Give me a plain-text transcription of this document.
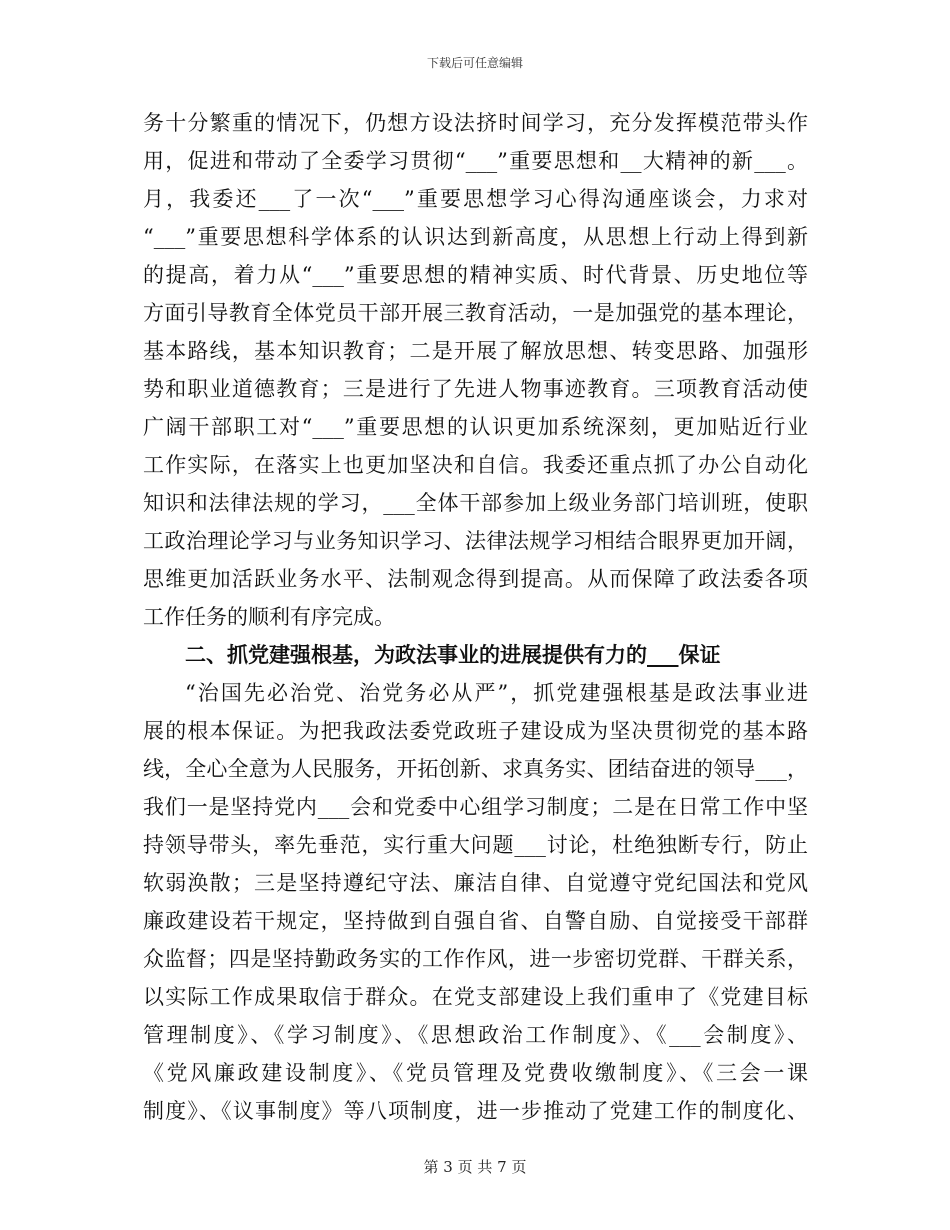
下载后可任意编辑
务十分繁重的情况下，仍想方设法挤时间学习，充分发挥模范带头作
用，促进和带动了全委学习贯彻“___”重要思想和__大精神的新___。
月，我委还___了一次“___”重要思想学习心得沟通座谈会，力求对
“___”重要思想科学体系的认识达到新高度，从思想上行动上得到新
的提高，着力从“___”重要思想的精神实质、时代背景、历史地位等
方面引导教育全体党员干部开展三教育活动，一是加强党的基本理论，
基本路线，基本知识教育；二是开展了解放思想、转变思路、加强形
势和职业道德教育；三是进行了先进人物事迹教育。三项教育活动使
广阔干部职工对“___”重要思想的认识更加系统深刻，更加贴近行业
工作实际，在落实上也更加坚决和自信。我委还重点抓了办公自动化
知识和法律法规的学习，___全体干部参加上级业务部门培训班，使职
工政治理论学习与业务知识学习、法律法规学习相结合眼界更加开阔，
思维更加活跃业务水平、法制观念得到提高。从而保障了政法委各项
工作任务的顺利有序完成。
二、抓党建强根基，为政法事业的进展提供有力的___保证
“治国先必治党、治党务必从严”，抓党建强根基是政法事业进
展的根本保证。为把我政法委党政班子建设成为坚决贯彻党的基本路
线，全心全意为人民服务，开拓创新、求真务实、团结奋进的领导___，
我们一是坚持党内___会和党委中心组学习制度；二是在日常工作中坚
持领导带头，率先垂范，实行重大问题___讨论，杜绝独断专行，防止
软弱涣散；三是坚持遵纪守法、廉洁自律、自觉遵守党纪国法和党风
廉政建设若干规定，坚持做到自强自省、自警自励、自觉接受干部群
众监督；四是坚持勤政务实的工作作风，进一步密切党群、干群关系，
以实际工作成果取信于群众。在党支部建设上我们重申了《党建目标
管理制度》、《学习制度》、《思想政治工作制度》、《___会制度》、
《党风廉政建设制度》、《党员管理及党费收缴制度》、《三会一课
制度》、《议事制度》等八项制度，进一步推动了党建工作的制度化、
第 3 页 共 7 页
